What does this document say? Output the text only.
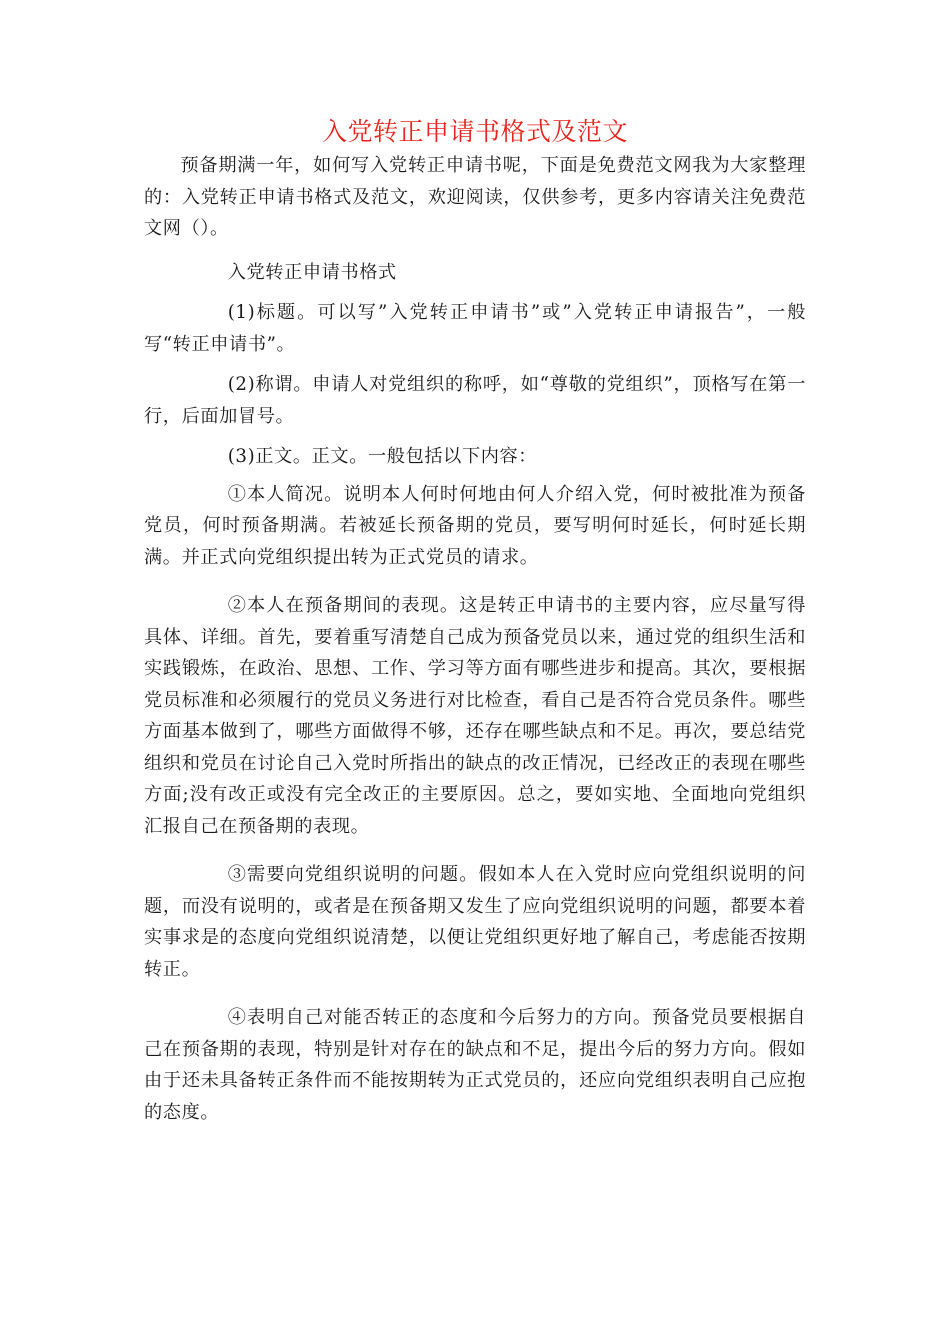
入党转正申请书格式及范文

预备期满一年，如何写入党转正申请书呢，下面是免费范文网我为大家整理的：入党转正申请书格式及范文，欢迎阅读，仅供参考，更多内容请关注免费范文网（）。

入党转正申请书格式

(1)标题。可以写”入党转正申请书”或”入党转正申请报告”，一般写“转正申请书”。

(2)称谓。申请人对党组织的称呼，如“尊敬的党组织”，顶格写在第一行，后面加冒号。

(3)正文。正文。一般包括以下内容：

①本人简况。说明本人何时何地由何人介绍入党，何时被批准为预备党员，何时预备期满。若被延长预备期的党员，要写明何时延长，何时延长期满。并正式向党组织提出转为正式党员的请求。

②本人在预备期间的表现。这是转正申请书的主要内容，应尽量写得具体、详细。首先，要着重写清楚自己成为预备党员以来，通过党的组织生活和实践锻炼，在政治、思想、工作、学习等方面有哪些进步和提高。其次，要根据党员标准和必须履行的党员义务进行对比检查，看自己是否符合党员条件。哪些方面基本做到了，哪些方面做得不够，还存在哪些缺点和不足。再次，要总结党组织和党员在讨论自己入党时所指出的缺点的改正情况，已经改正的表现在哪些方面;没有改正或没有完全改正的主要原因。总之，要如实地、全面地向党组织汇报自己在预备期的表现。

③需要向党组织说明的问题。假如本人在入党时应向党组织说明的问题，而没有说明的，或者是在预备期又发生了应向党组织说明的问题，都要本着实事求是的态度向党组织说清楚，以便让党组织更好地了解自己，考虑能否按期转正。

④表明自己对能否转正的态度和今后努力的方向。预备党员要根据自己在预备期的表现，特别是针对存在的缺点和不足，提出今后的努力方向。假如由于还未具备转正条件而不能按期转为正式党员的，还应向党组织表明自己应抱的态度。
